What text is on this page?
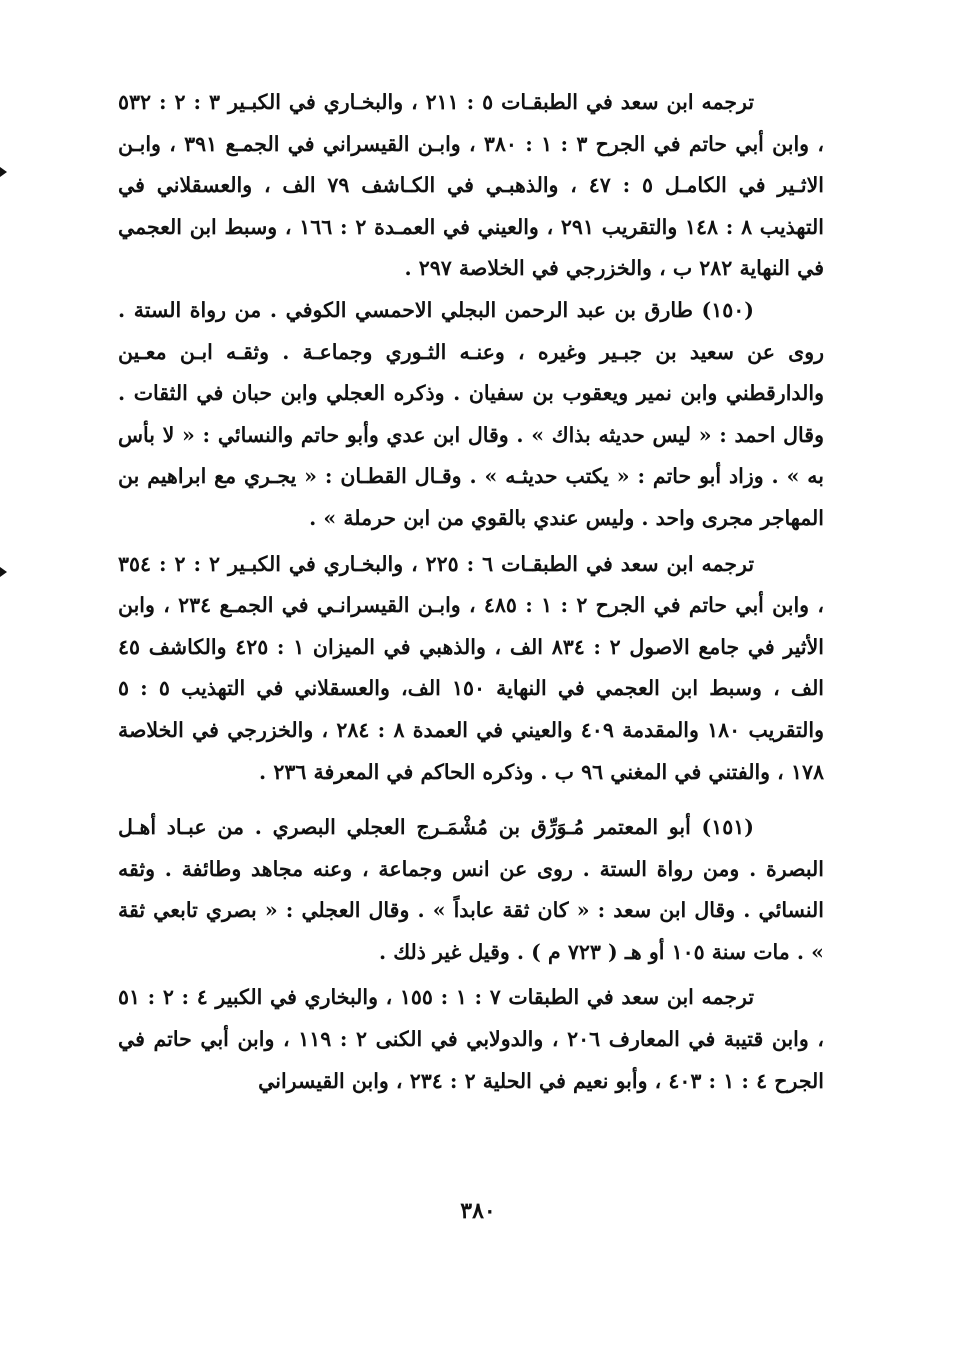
ترجمه ابن سعد في الطبقـات ٥ : ٢١١ ، والبخـاري في الكبـير ٣ : ٢ : ٥٣٢ ، وابن أبي حاتم في الجرح ٣ : ١ : ٣٨٠ ، وابـن القيسراني في الجمـع ٣٩١ ، وابـن الاثـير في الكامـل ٥ : ٤٧ ، والذهبـي في الكـاشف ٧٩ الف ، والعسقلاني في التهذيب ٨ : ١٤٨ والتقريب ٢٩١ ، والعيني في العمـدة ٢ : ١٦٦ ، وسبط ابن العجمي في النهاية ٢٨٢ ب ، والخزرجي في الخلاصة ٢٩٧ .

(١٥٠) طارق بن عبد الرحمن البجلي الاحمسي الكوفي . من رواة الستة . روى عن سعيد بن جبـير وغيره ، وعنـه الثـوري وجماعـة . وثقـه ابـن معـين والدارقطني وابن نمير ويعقوب بن سفيان . وذكره العجلي وابن حبان في الثقات . وقال احمد : « ليس حديثه بذاك » . وقال ابن عدي وأبو حاتم والنسائي : « لا بأس به » . وزاد أبو حاتم : « يكتب حديثـه » . وقـال القطـان : « يجـري مع ابراهيم بن المهاجر مجرى واحد . وليس عندي بالقوي من ابن حرملة » .

ترجمه ابن سعد في الطبقـات ٦ : ٢٢٥ ، والبخـاري في الكبـير ٢ : ٢ : ٣٥٤ ، وابن أبي حاتم في الجرح ٢ : ١ : ٤٨٥ ، وابـن القيسرانـي في الجمـع ٢٣٤ ، وابن الأثير في جامع الاصول ٢ : ٨٣٤ الف ، والذهبي في الميزان ١ : ٤٢٥ والكاشف ٤٥ الف ، وسبط ابن العجمي في النهاية ١٥٠ الف، والعسقلاني في التهذيب ٥ : ٥ والتقريب ١٨٠ والمقدمة ٤٠٩ والعيني في العمدة ٨ : ٢٨٤ ، والخزرجي في الخلاصة ١٧٨ ، والفتني في المغني ٩٦ ب . وذكره الحاكم في المعرفة ٢٣٦ .

(١٥١) أبو المعتمر مُـوَرِّق بن مُشْمَـرج العجلي البصري . من عبـاد أهـل البصرة . ومن رواة الستة . روى عن انس وجماعة ، وعنه مجاهد وطائفة . وثقه النسائي . وقال ابن سعد : « كان ثقة عابداً » . وقال العجلي : « بصري تابعي ثقة » . مات سنة ١٠٥ أو هـ ( ٧٢٣ م ) . وقيل غير ذلك .

ترجمه ابن سعد في الطبقات ٧ : ١ : ١٥٥ ، والبخاري في الكبير ٤ : ٢ : ٥١ ، وابن قتيبة في المعارف ٢٠٦ ، والدولابي في الكنى ٢ : ١١٩ ، وابن أبي حاتم في الجرح ٤ : ١ : ٤٠٣ ، وأبو نعيم في الحلية ٢ : ٢٣٤ ، وابن القيسراني

٣٨٠
